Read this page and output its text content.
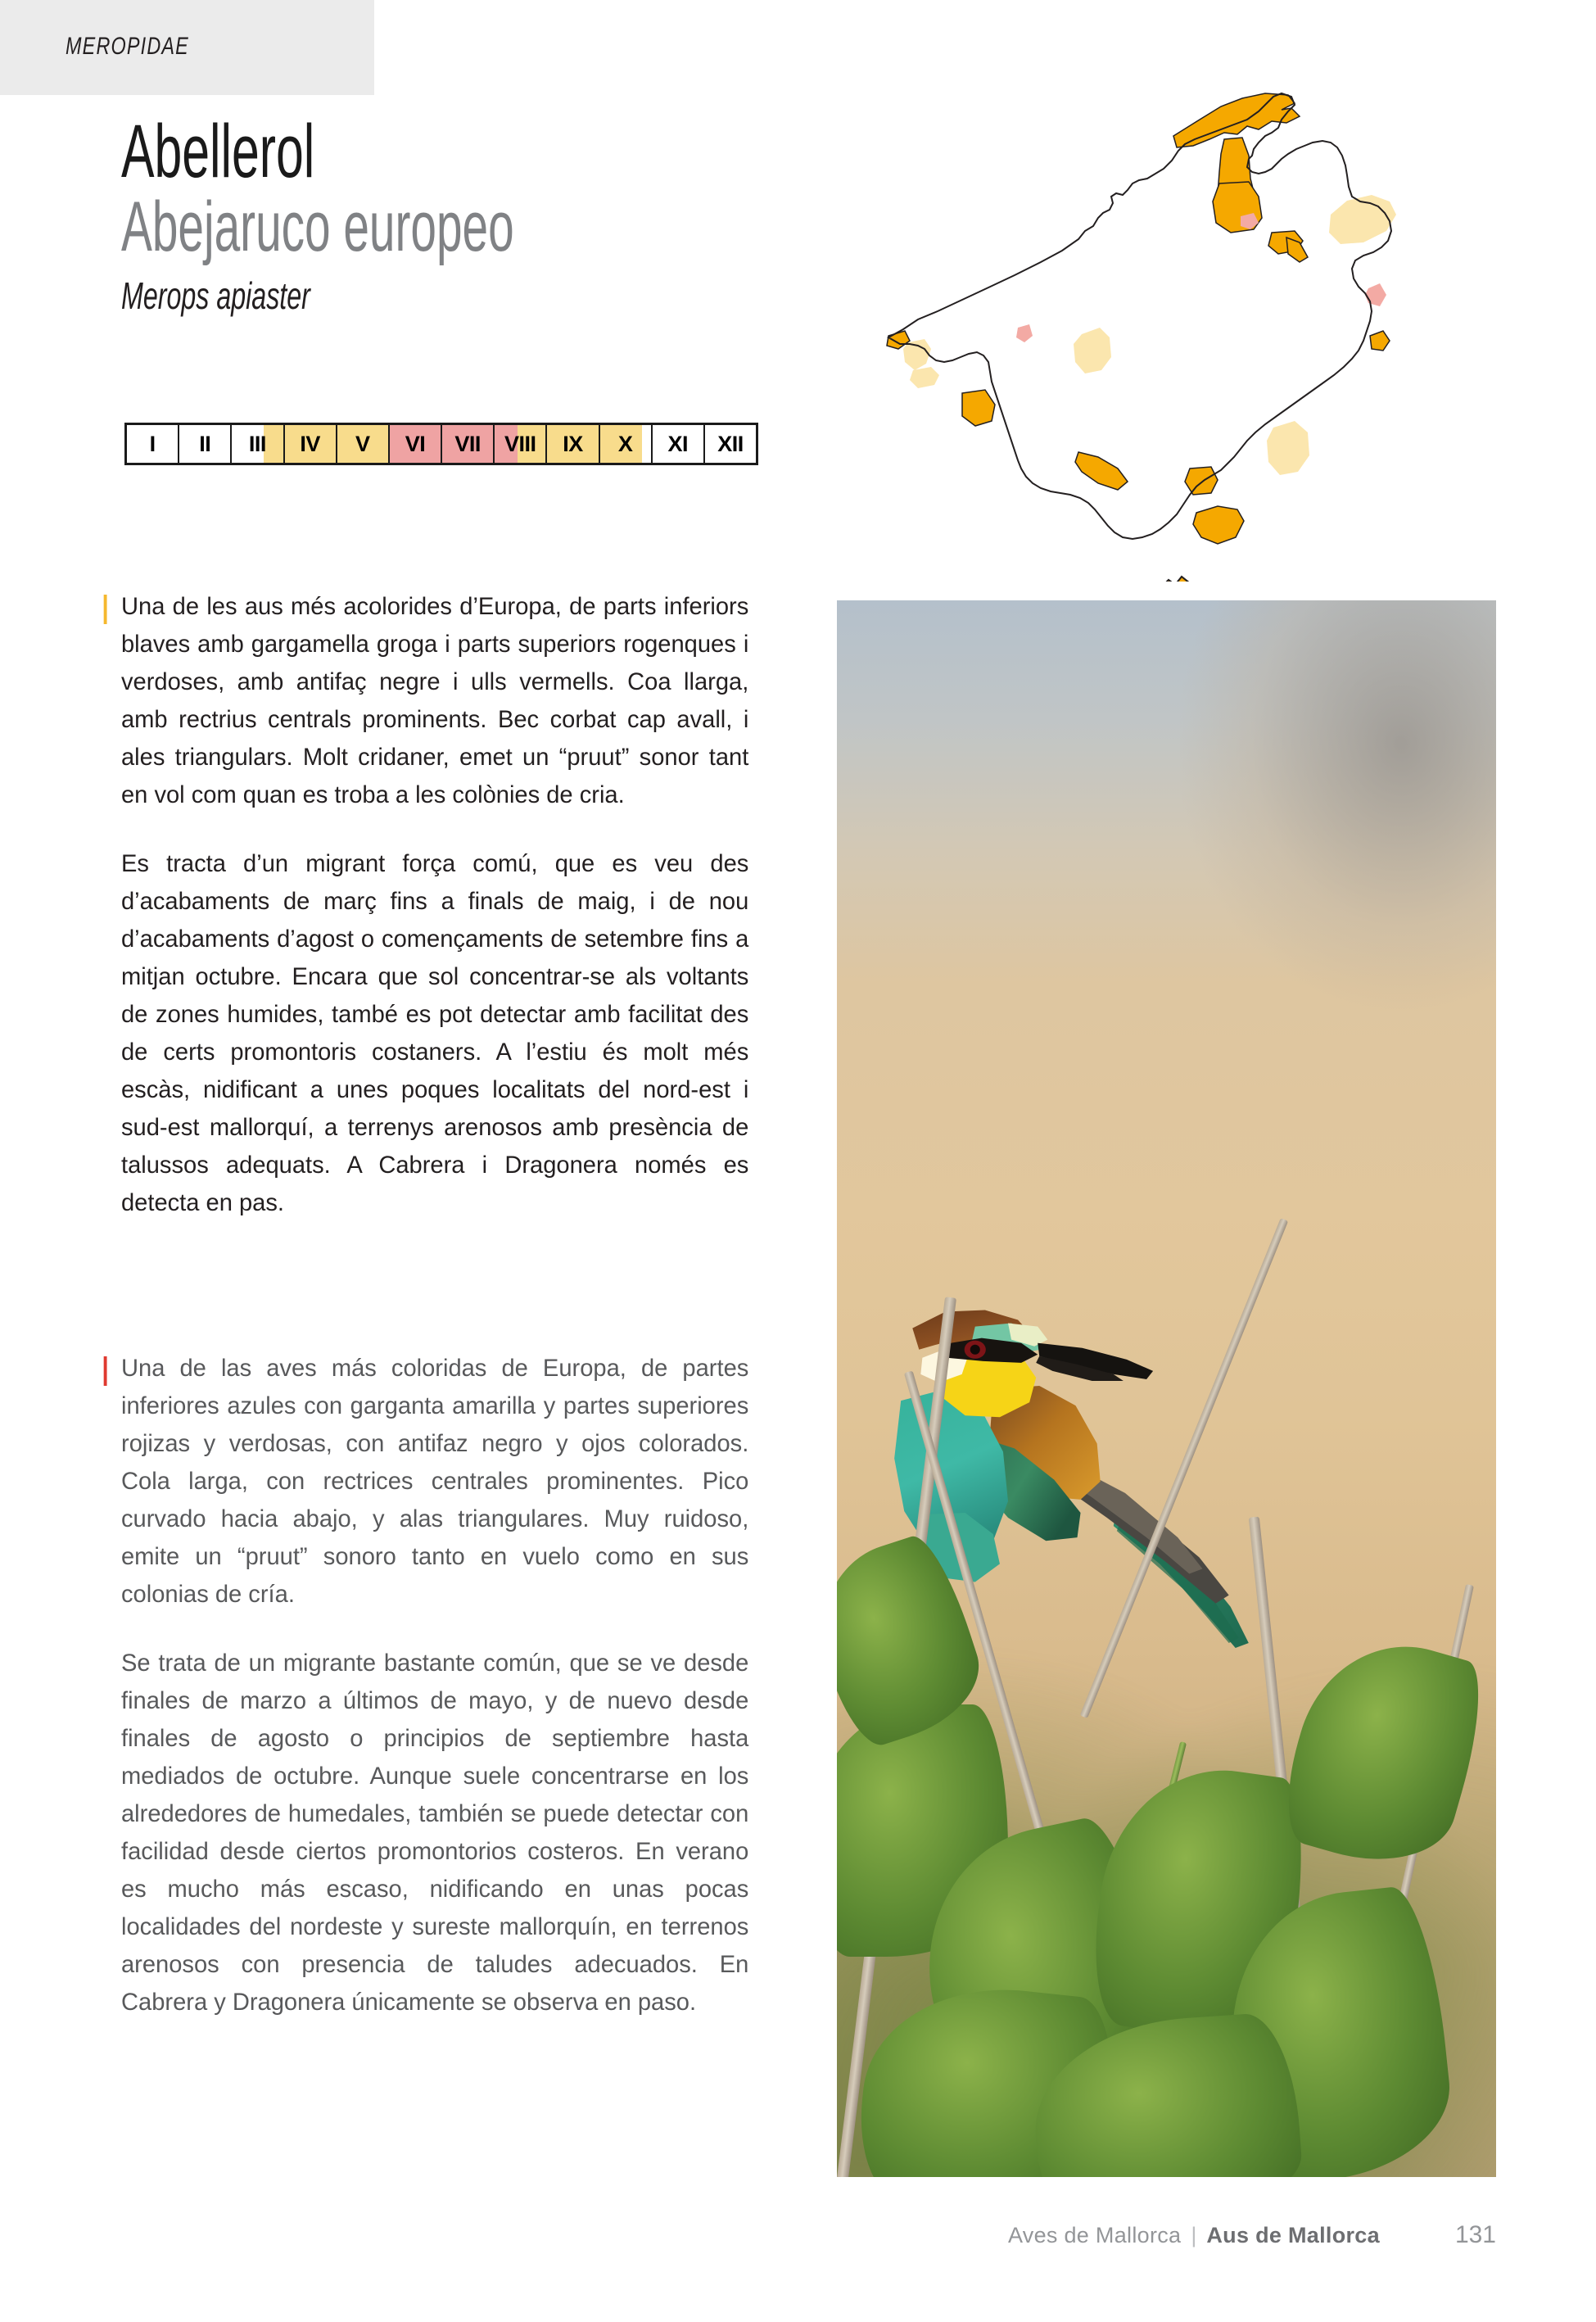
MEROPIDAE
Abellerol
Abejaruco europeo
Merops apiaster
I	II	III	IV	V	VI	VII	VIII	IX	X	XI	XII
Una de les aus més acolorides d’Europa, de parts inferiors blaves amb gargamella groga i parts superiors rogenques i verdoses, amb antifaç negre i ulls vermells. Coa llarga, amb rectrius centrals prominents. Bec corbat cap avall, i ales triangulars. Molt cridaner, emet un “pruut” sonor tant en vol com quan es troba a les colònies de cria.
Es tracta d’un migrant força comú, que es veu des d’acabaments de març fins a finals de maig, i de nou d’acabaments d’agost o començaments de setembre fins a mitjan octubre. Encara que sol concentrar-se als voltants de zones humides, també es pot detectar amb facilitat des de certs promontoris costaners. A l’estiu és molt més escàs, nidificant a unes poques localitats del nord-est i sud-est mallorquí, a terrenys arenosos amb presència de talussos adequats. A Cabrera i Dragonera només es detecta en pas.
Una de las aves más coloridas de Europa, de partes inferiores azules con garganta amarilla y partes superiores rojizas y verdosas, con antifaz negro y ojos colorados. Cola larga, con rectrices centrales prominentes. Pico curvado hacia abajo, y alas triangulares. Muy ruidoso, emite un “pruut” sonoro tanto en vuelo como en sus colonias de cría.
Se trata de un migrante bastante común, que se ve desde finales de marzo a últimos de mayo, y de nuevo desde finales de agosto o principios de septiembre hasta mediados de octubre. Aunque suele concentrarse en los alrededores de humedales, también se puede detectar con facilidad desde ciertos promontorios costeros. En verano es mucho más escaso, nidificando en unas pocas localidades del nordeste y sureste mallorquín, en terrenos arenosos con presencia de taludes adecuados. En Cabrera y Dragonera únicamente se observa en paso.
Aves de Mallorca | Aus de Mallorca	131
